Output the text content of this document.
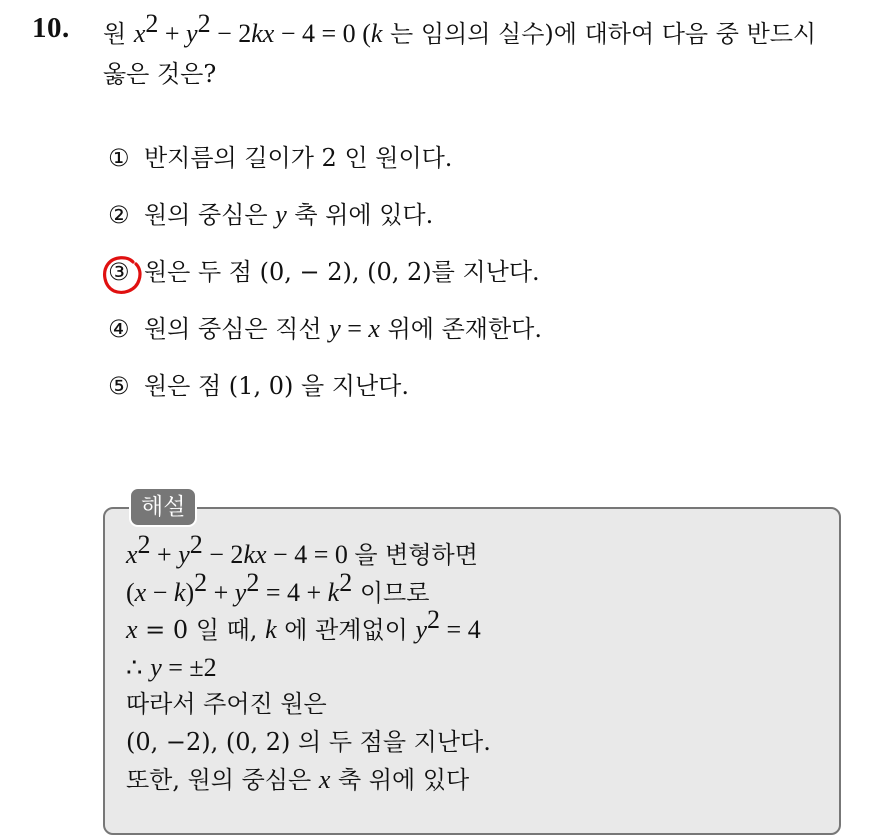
10. 원 $x^2 + y^2 - 2kx - 4 = 0$ (k 는 임의의 실수)에 대하여 다음 중 반드시
옳은 것은?
① 반지름의 길이가 2 인 원이다.
② 원의 중심은 y 축 위에 있다.
③ 원은 두 점 (0, − 2), (0, 2)를 지난다.
④ 원의 중심은 직선 y = x 위에 존재한다.
⑤ 원은 점 (1, 0) 을 지난다.
해설
$x^2 + y^2 - 2kx - 4 = 0$ 을 변형하면
$(x - k)^2 + y^2 = 4 + k^2$ 이므로
x = 0 일 때, k 에 관계없이 $y^2 = 4$
∴ y = ±2
따라서 주어진 원은
(0, −2), (0, 2) 의 두 점을 지난다.
또한, 원의 중심은 x 축 위에 있다
